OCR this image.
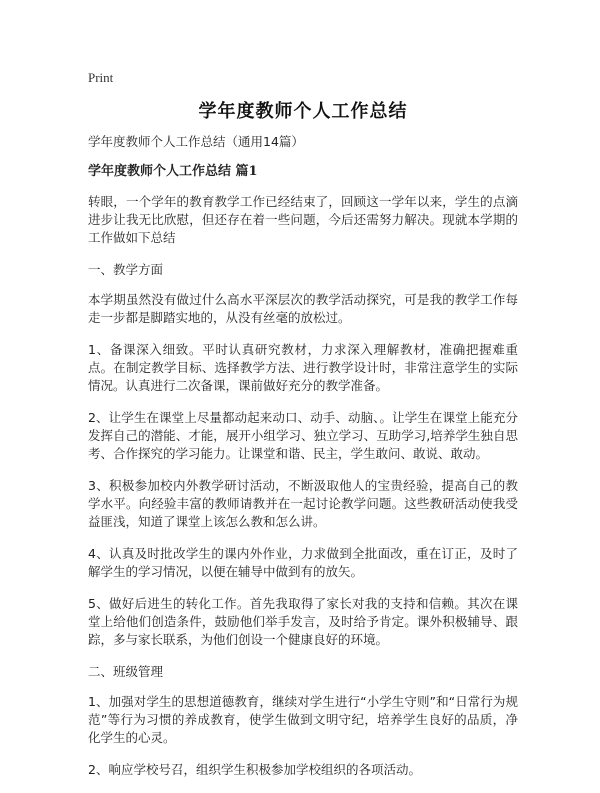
Print
学年度教师个人工作总结

学年度教师个人工作总结（通用14篇）

学年度教师个人工作总结 篇1

转眼，一个学年的教育教学工作已经结束了，回顾这一学年以来，学生的点滴进步让我无比欣慰，但还存在着一些问题，今后还需努力解决。现就本学期的工作做如下总结

一、教学方面

本学期虽然没有做过什么高水平深层次的教学活动探究，可是我的教学工作每走一步都是脚踏实地的，从没有丝毫的放松过。

1、备课深入细致。平时认真研究教材，力求深入理解教材，准确把握难重点。在制定教学目标、选择教学方法、进行教学设计时，非常注意学生的实际情况。认真进行二次备课，课前做好充分的教学准备。

2、让学生在课堂上尽量都动起来动口、动手、动脑、。让学生在课堂上能充分发挥自己的潜能、才能，展开小组学习、独立学习、互助学习,培养学生独自思考、合作探究的学习能力。让课堂和谐、民主，学生敢问、敢说、敢动。

3、积极参加校内外教学研讨活动，不断汲取他人的宝贵经验，提高自己的教学水平。向经验丰富的教师请教并在一起讨论教学问题。这些教研活动使我受益匪浅，知道了课堂上该怎么教和怎么讲。

4、认真及时批改学生的课内外作业，力求做到全批面改，重在订正，及时了解学生的学习情况，以便在辅导中做到有的放矢。

5、做好后进生的转化工作。首先我取得了家长对我的支持和信赖。其次在课堂上给他们创造条件，鼓励他们举手发言，及时给予肯定。课外积极辅导、跟踪，多与家长联系，为他们创设一个健康良好的环境。

二、班级管理

1、加强对学生的思想道德教育，继续对学生进行“小学生守则”和“日常行为规范”等行为习惯的养成教育，使学生做到文明守纪，培养学生良好的品质，净化学生的心灵。

2、响应学校号召，组织学生积极参加学校组织的各项活动。
